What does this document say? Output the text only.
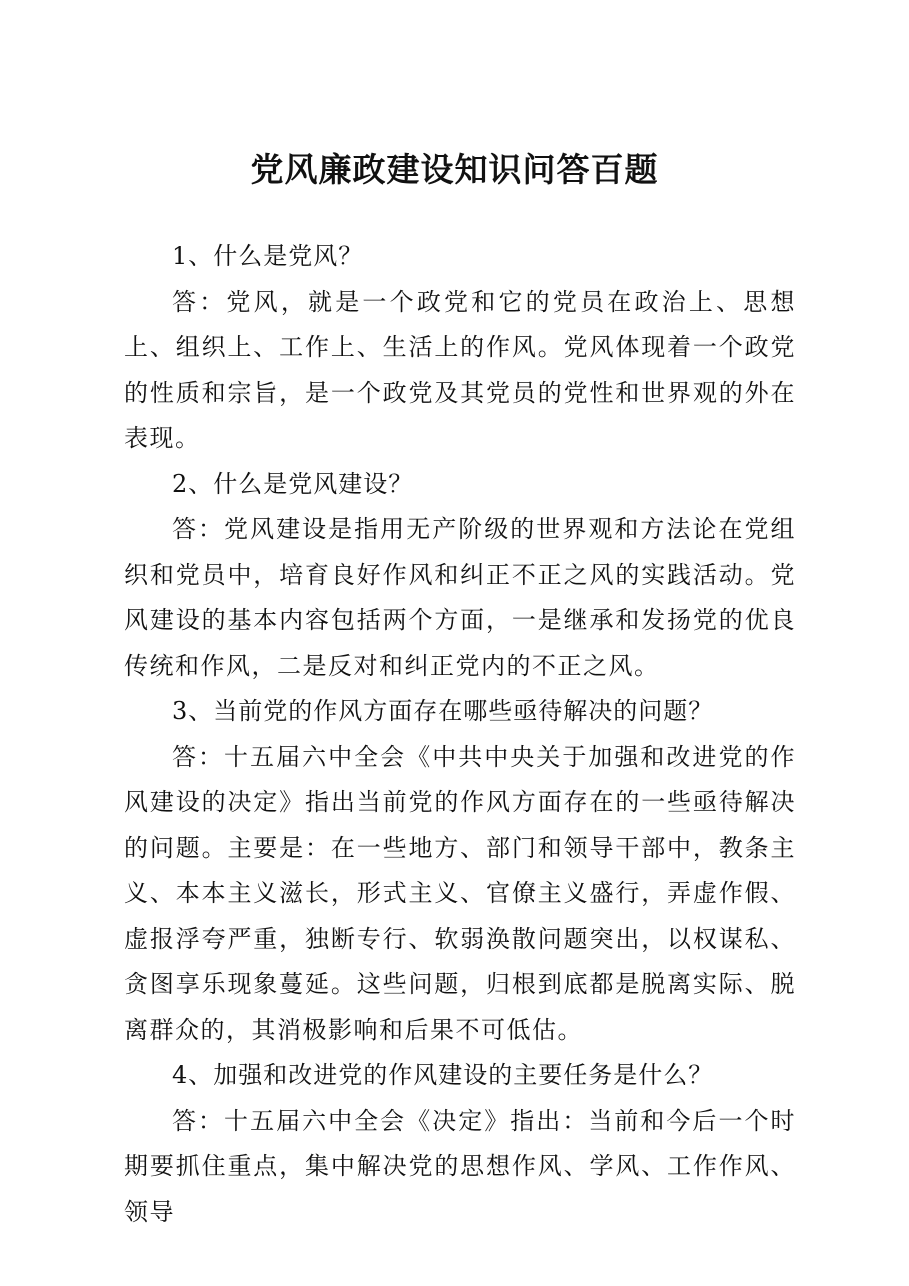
党风廉政建设知识问答百题

1、什么是党风？

答：党风，就是一个政党和它的党员在政治上、思想上、组织上、工作上、生活上的作风。党风体现着一个政党的性质和宗旨，是一个政党及其党员的党性和世界观的外在表现。

2、什么是党风建设？

答：党风建设是指用无产阶级的世界观和方法论在党组织和党员中，培育良好作风和纠正不正之风的实践活动。党风建设的基本内容包括两个方面，一是继承和发扬党的优良传统和作风，二是反对和纠正党内的不正之风。

3、当前党的作风方面存在哪些亟待解决的问题？

答：十五届六中全会《中共中央关于加强和改进党的作风建设的决定》指出当前党的作风方面存在的一些亟待解决的问题。主要是：在一些地方、部门和领导干部中，教条主义、本本主义滋长，形式主义、官僚主义盛行，弄虚作假、虚报浮夸严重，独断专行、软弱涣散问题突出，以权谋私、贪图享乐现象蔓延。这些问题，归根到底都是脱离实际、脱离群众的，其消极影响和后果不可低估。

4、加强和改进党的作风建设的主要任务是什么？

答：十五届六中全会《决定》指出：当前和今后一个时期要抓住重点，集中解决党的思想作风、学风、工作作风、领导
